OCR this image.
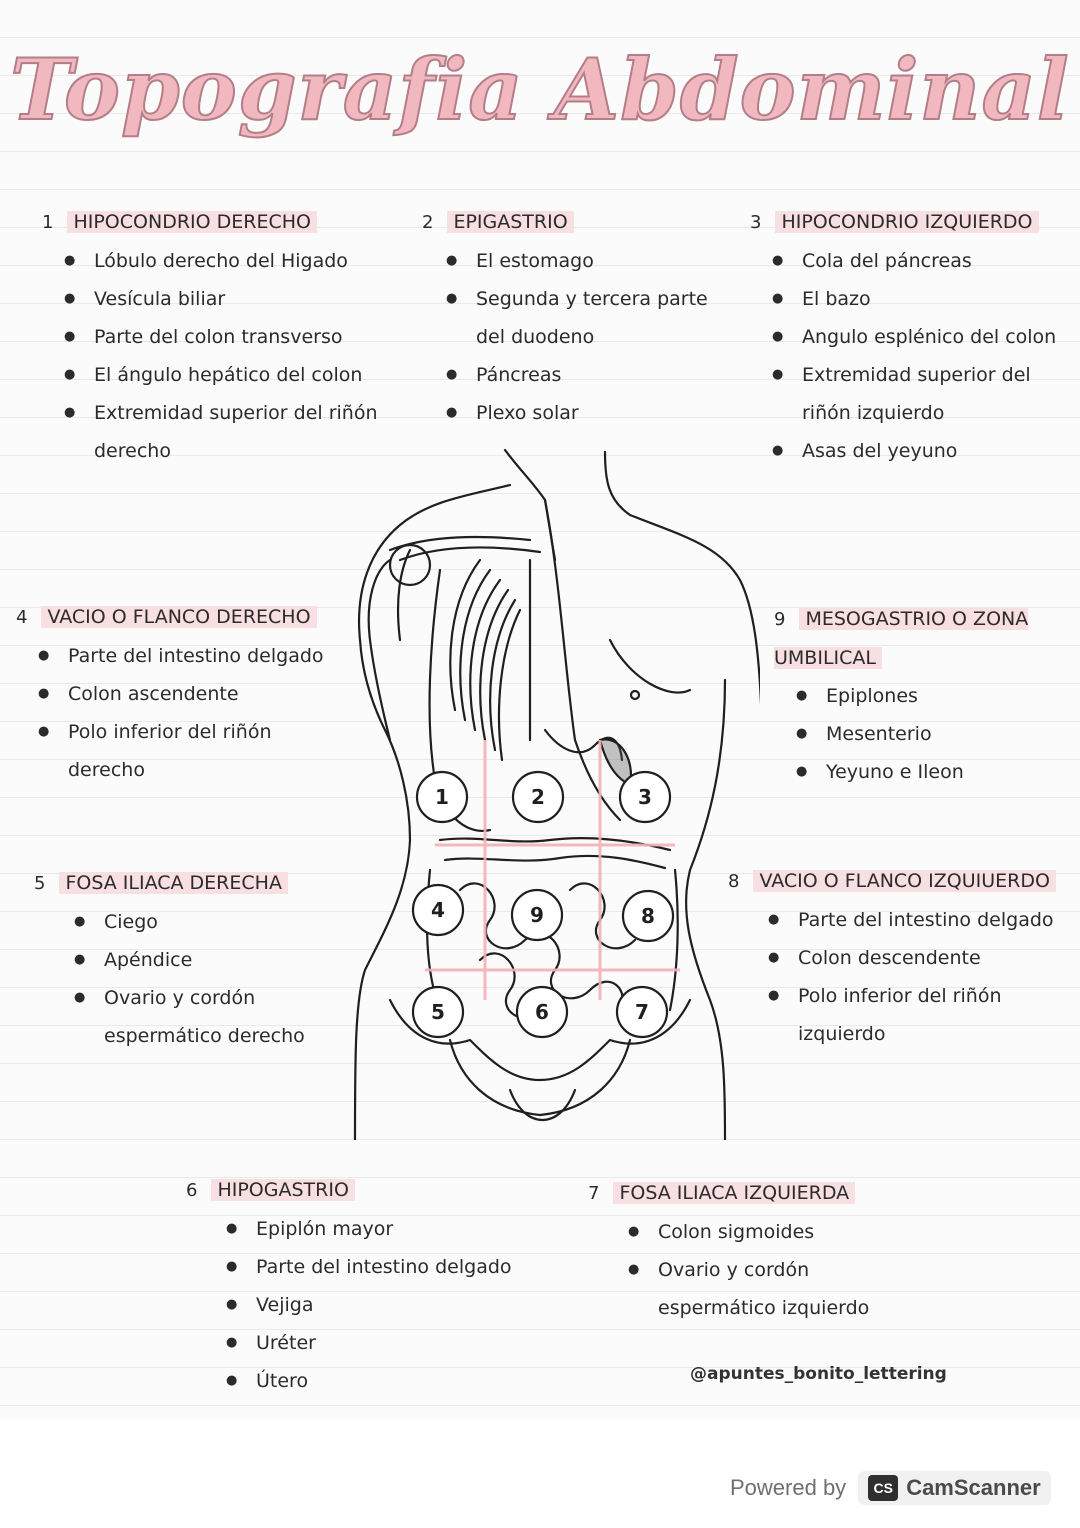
Topografia Abdominal
1 HIPOCONDRIO DERECHO
● Lóbulo derecho del Higado
● Vesícula biliar
● Parte del colon transverso
● El ángulo hepático del colon
● Extremidad superior del riñón derecho
2 EPIGASTRIO
● El estomago
● Segunda y tercera parte del duodeno
● Páncreas
● Plexo solar
3 HIPOCONDRIO IZQUIERDO
● Cola del páncreas
● El bazo
● Angulo esplénico del colon
● Extremidad superior del riñón izquierdo
● Asas del yeyuno
4 VACIO O FLANCO DERECHO
● Parte del intestino delgado
● Colon ascendente
● Polo inferior del riñón derecho
9 MESOGASTRIO O ZONA UMBILICAL
● Epiplones
● Mesenterio
● Yeyuno e Ileon
5 FOSA ILIACA DERECHA
● Ciego
● Apéndice
● Ovario y cordón espermático derecho
8 VACIO O FLANCO IZQUIUERDO
● Parte del intestino delgado
● Colon descendente
● Polo inferior del riñón izquierdo
6 HIPOGASTRIO
● Epiplón mayor
● Parte del intestino delgado
● Vejiga
● Uréter
● Útero
7 FOSA ILIACA IZQUIERDA
● Colon sigmoides
● Ovario y cordón espermático izquierdo
1	2	3
4	9	8
5	6	7
@apuntes_bonito_lettering
Powered by	CS CamScanner
